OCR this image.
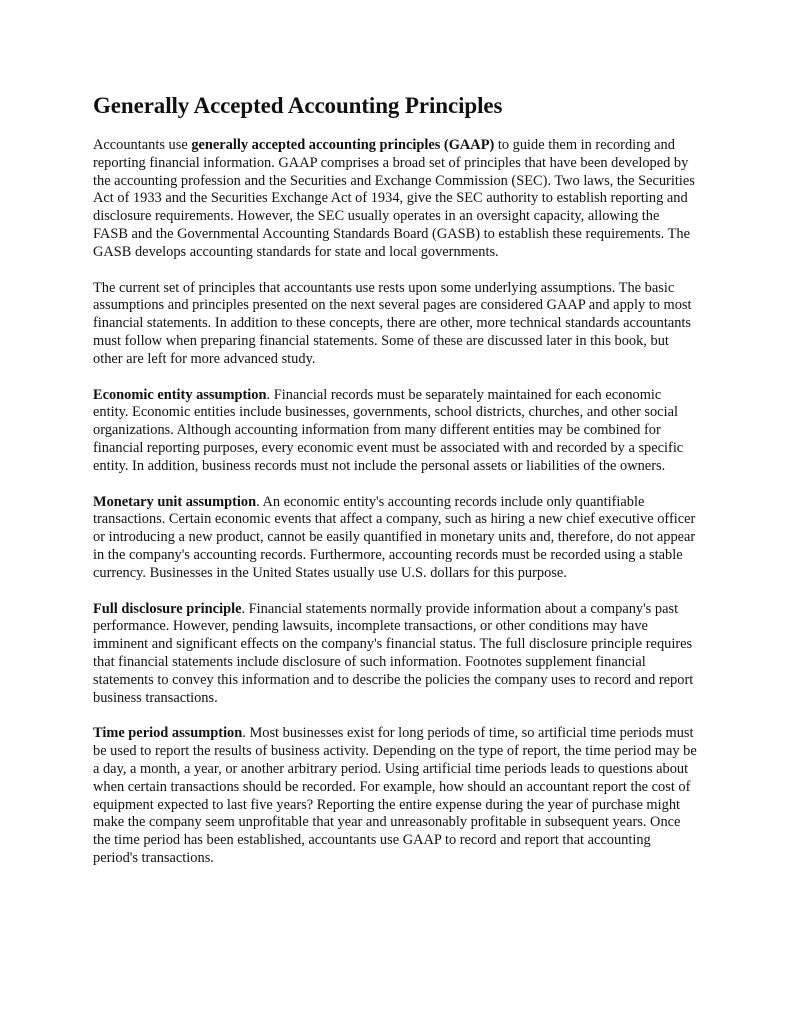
Generally Accepted Accounting Principles

Accountants use generally accepted accounting principles (GAAP) to guide them in recording and reporting financial information. GAAP comprises a broad set of principles that have been developed by the accounting profession and the Securities and Exchange Commission (SEC). Two laws, the Securities Act of 1933 and the Securities Exchange Act of 1934, give the SEC authority to establish reporting and disclosure requirements. However, the SEC usually operates in an oversight capacity, allowing the FASB and the Governmental Accounting Standards Board (GASB) to establish these requirements. The GASB develops accounting standards for state and local governments.

The current set of principles that accountants use rests upon some underlying assumptions. The basic assumptions and principles presented on the next several pages are considered GAAP and apply to most financial statements. In addition to these concepts, there are other, more technical standards accountants must follow when preparing financial statements. Some of these are discussed later in this book, but other are left for more advanced study.

Economic entity assumption. Financial records must be separately maintained for each economic entity. Economic entities include businesses, governments, school districts, churches, and other social organizations. Although accounting information from many different entities may be combined for financial reporting purposes, every economic event must be associated with and recorded by a specific entity. In addition, business records must not include the personal assets or liabilities of the owners.

Monetary unit assumption. An economic entity's accounting records include only quantifiable transactions. Certain economic events that affect a company, such as hiring a new chief executive officer or introducing a new product, cannot be easily quantified in monetary units and, therefore, do not appear in the company's accounting records. Furthermore, accounting records must be recorded using a stable currency. Businesses in the United States usually use U.S. dollars for this purpose.

Full disclosure principle. Financial statements normally provide information about a company's past performance. However, pending lawsuits, incomplete transactions, or other conditions may have imminent and significant effects on the company's financial status. The full disclosure principle requires that financial statements include disclosure of such information. Footnotes supplement financial statements to convey this information and to describe the policies the company uses to record and report business transactions.

Time period assumption. Most businesses exist for long periods of time, so artificial time periods must be used to report the results of business activity. Depending on the type of report, the time period may be a day, a month, a year, or another arbitrary period. Using artificial time periods leads to questions about when certain transactions should be recorded. For example, how should an accountant report the cost of equipment expected to last five years? Reporting the entire expense during the year of purchase might make the company seem unprofitable that year and unreasonably profitable in subsequent years. Once the time period has been established, accountants use GAAP to record and report that accounting period's transactions.
